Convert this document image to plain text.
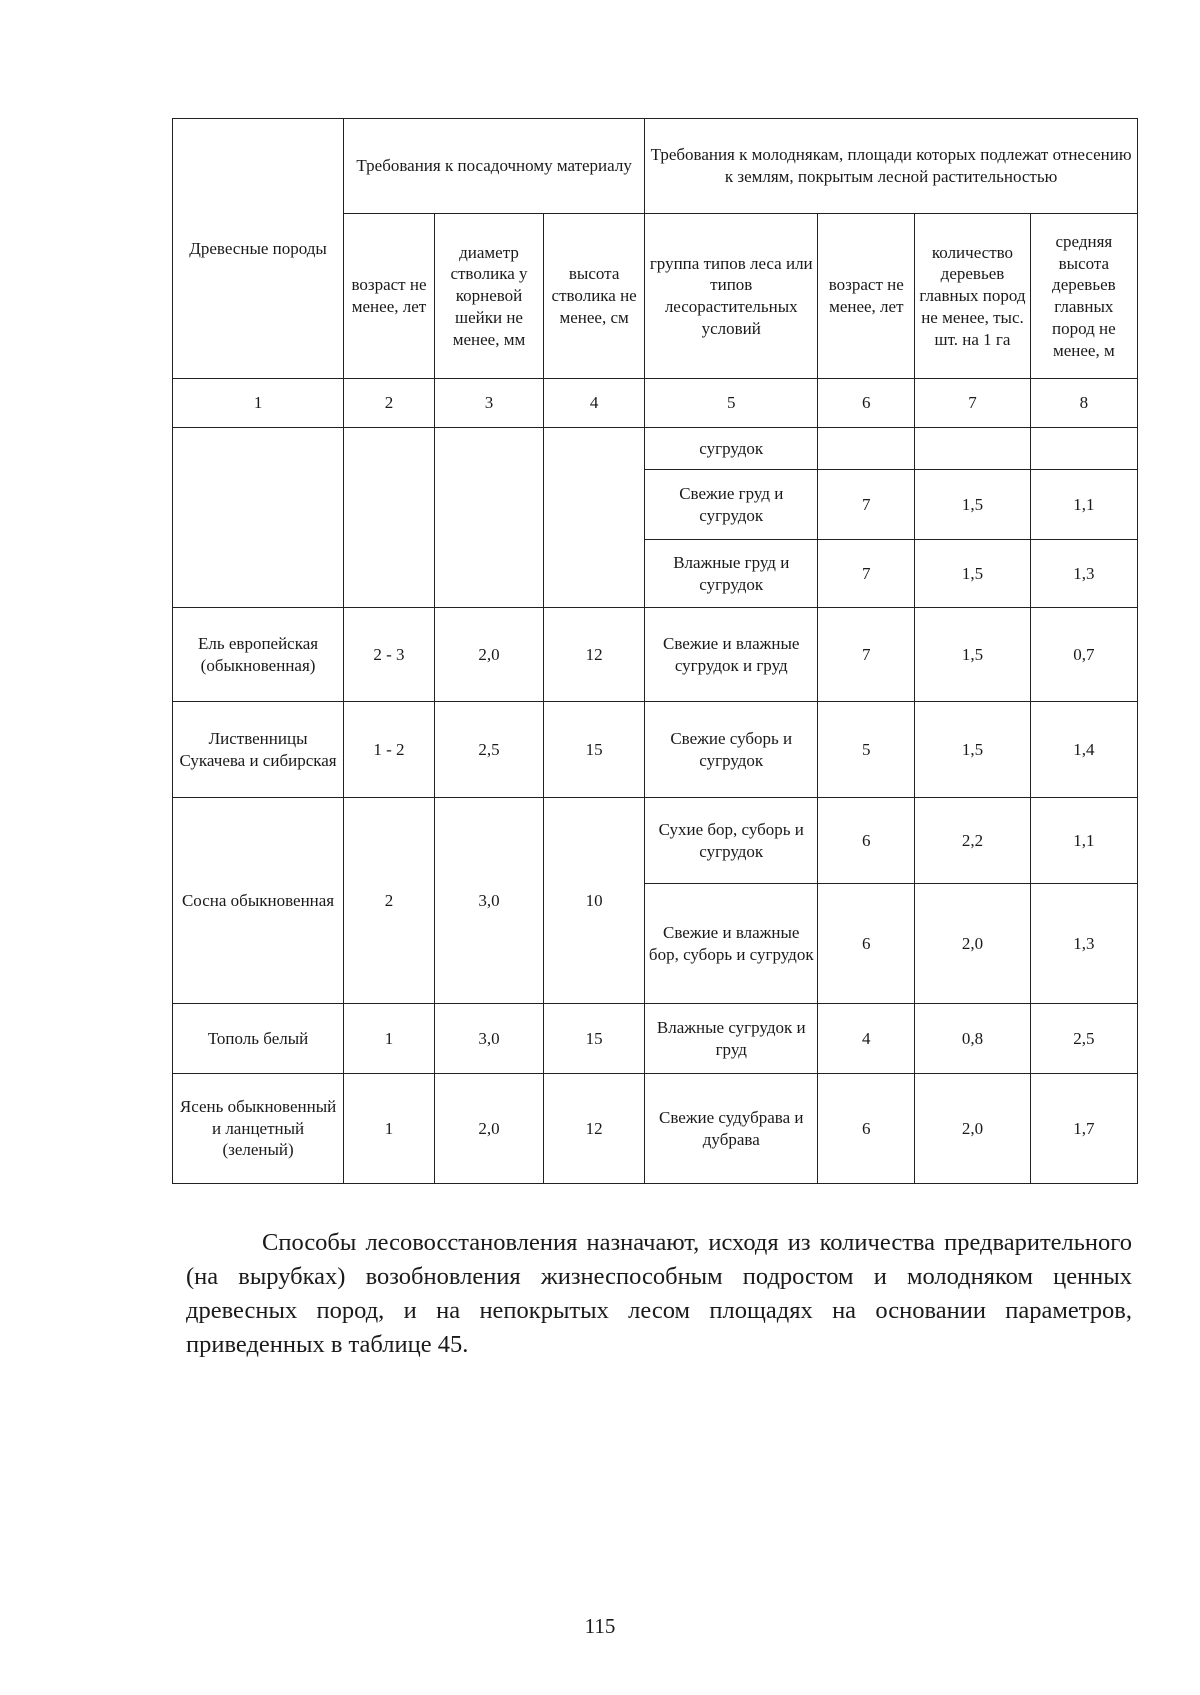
Древесные породы	Требования к посадочному материалу			Требования к молоднякам, площади которых подлежат отнесению к землям, покрытым лесной растительностью			
	возраст не менее, лет	диаметр стволика у корневой шейки не менее, мм	высота стволика не менее, см	группа типов леса или типов лесорастительных условий	возраст не менее, лет	количество деревьев главных пород не менее, тыс. шт. на 1 га	средняя высота деревьев главных пород не менее, м
1	2	3	4	5	6	7	8
				сугрудок			
				Свежие груд и сугрудок	7	1,5	1,1
				Влажные груд и сугрудок	7	1,5	1,3
Ель европейская (обыкновенная)	2 - 3	2,0	12	Свежие и влажные сугрудок и груд	7	1,5	0,7
Лиственницы Сукачева и сибирская	1 - 2	2,5	15	Свежие суборь и сугрудок	5	1,5	1,4
Сосна обыкновенная	2	3,0	10	Сухие бор, суборь и сугрудок	6	2,2	1,1
				Свежие и влажные бор, суборь и сугрудок	6	2,0	1,3
Тополь белый	1	3,0	15	Влажные сугрудок и груд	4	0,8	2,5
Ясень обыкновенный и ланцетный (зеленый)	1	2,0	12	Свежие судубрава и дубрава	6	2,0	1,7

Способы лесовосстановления назначают, исходя из количества предварительного (на вырубках) возобновления жизнеспособным подростом и молодняком ценных древесных пород, и на непокрытых лесом площадях на основании параметров, приведенных в таблице 45.

115
